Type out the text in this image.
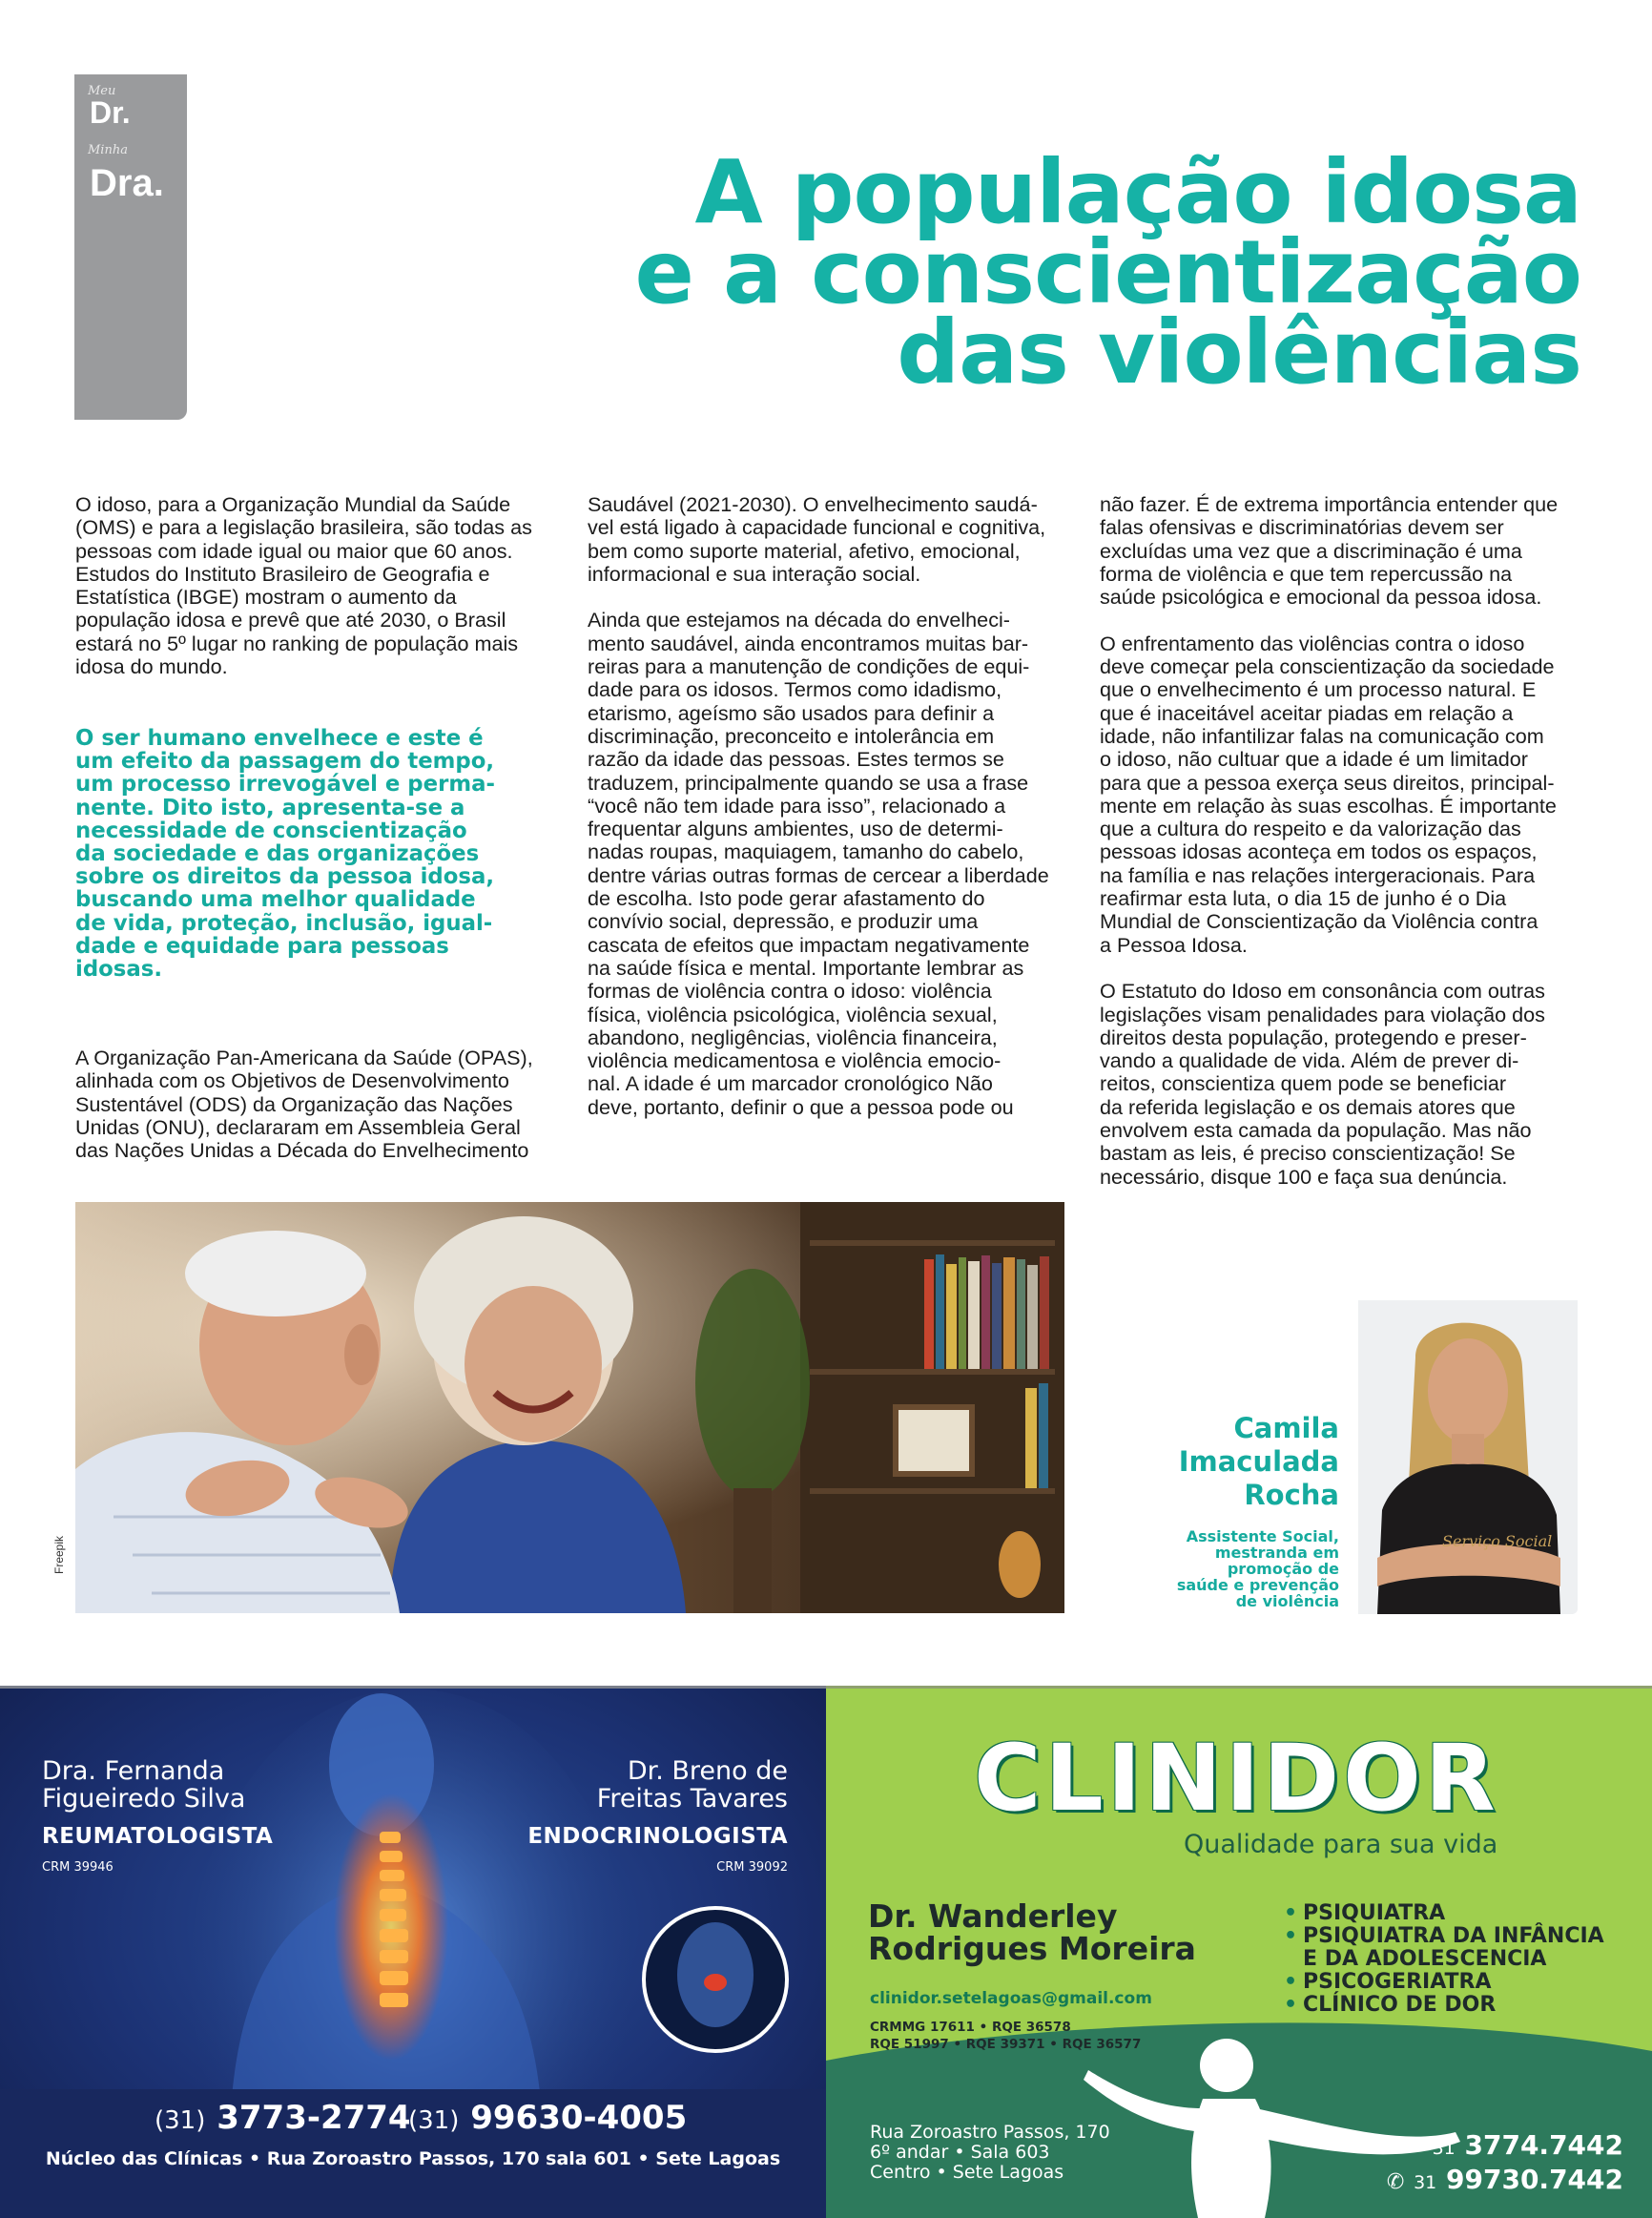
Meu
Dr.
Minha
Dra.	A população idosa
e a conscientização
das violências

O idoso, para a Organização Mundial da Saúde

(OMS) e para a legislação brasileira, são todas as

pessoas com idade igual ou maior que 60 anos.

Estudos do Instituto Brasileiro de Geografia e

Estatística (IBGE) mostram o aumento da

população idosa e prevê que até 2030, o Brasil

estará no 5º lugar no ranking de população mais

idosa do mundo.

O ser humano envelhece e este é
um efeito da passagem do tempo,
um processo irrevogável e perma-
nente. Dito isto, apresenta-se a
necessidade de conscientização
da sociedade e das organizações
sobre os direitos da pessoa idosa,
buscando uma melhor qualidade
de vida, proteção, inclusão, igual-
dade e equidade para pessoas
idosas.

A Organização Pan-Americana da Saúde (OPAS),

alinhada com os Objetivos de Desenvolvimento

Sustentável (ODS) da Organização das Nações

Unidas (ONU), declararam em Assembleia Geral

das Nações Unidas a Década do Envelhecimento

Saudável (2021-2030). O envelhecimento saudá-

vel está ligado à capacidade funcional e cognitiva,

bem como suporte material, afetivo, emocional,

informacional e sua interação social.

Ainda que estejamos na década do envelheci-

mento saudável, ainda encontramos muitas bar-

reiras para a manutenção de condições de equi-

dade para os idosos. Termos como idadismo,

etarismo, ageísmo são usados para definir a

discriminação, preconceito e intolerância em

razão da idade das pessoas. Estes termos se

traduzem, principalmente quando se usa a frase

“você não tem idade para isso”, relacionado a

frequentar alguns ambientes, uso de determi-

nadas roupas, maquiagem, tamanho do cabelo,

dentre várias outras formas de cercear a liberdade

de escolha. Isto pode gerar afastamento do

convívio social, depressão, e produzir uma

cascata de efeitos que impactam negativamente

na saúde física e mental. Importante lembrar as

formas de violência contra o idoso: violência

física, violência psicológica, violência sexual,

abandono, negligências, violência financeira,

violência medicamentosa e violência emocio-

nal. A idade é um marcador cronológico Não

deve, portanto, definir o que a pessoa pode ou

não fazer. É de extrema importância entender que

falas ofensivas e discriminatórias devem ser

excluídas uma vez que a discriminação é uma

forma de violência e que tem repercussão na

saúde psicológica e emocional da pessoa idosa.

O enfrentamento das violências contra o idoso

deve começar pela conscientização da sociedade

que o envelhecimento é um processo natural. E

que é inaceitável aceitar piadas em relação a

idade, não infantilizar falas na comunicação com

o idoso, não cultuar que a idade é um limitador

para que a pessoa exerça seus direitos, principal-

mente em relação às suas escolhas. É importante

que a cultura do respeito e da valorização das

pessoas idosas aconteça em todos os espaços,

na família e nas relações intergeracionais. Para

reafirmar esta luta, o dia 15 de junho é o Dia

Mundial de Conscientização da Violência contra

a Pessoa Idosa.

O Estatuto do Idoso em consonância com outras

legislações visam penalidades para violação dos

direitos desta população, protegendo e preser-

vando a qualidade de vida. Além de prever di-

reitos, conscientiza quem pode se beneficiar

da referida legislação e os demais atores que

envolvem esta camada da população. Mas não

bastam as leis, é preciso conscientização! Se

necessário, disque 100 e faça sua denúncia.

Freepik
Camila
Imaculada
Rocha
Assistente Social,
mestranda em
promoção de
saúde e prevenção
de violência
Serviço Social
Dra. Fernanda
Figueiredo Silva
REUMATOLOGISTA
CRM 39946
Dr. Breno de
Freitas Tavares
ENDOCRINOLOGISTA
CRM 39092
(31) 3773-2774
(31) 99630-4005
Núcleo das Clínicas • Rua Zoroastro Passos, 170 sala 601 • Sete Lagoas
CLINIDOR
Qualidade para sua vida
Dr. Wanderley
Rodrigues Moreira
clinidor.setelagoas@gmail.com
CRMMG 17611 • RQE 36578
RQE 51997 • RQE 39371 • RQE 36577
• PSIQUIATRA
• PSIQUIATRA DA INFÂNCIA
E DA ADOLESCENCIA
• PSICOGERIATRA
• CLÍNICO DE DOR
Rua Zoroastro Passos, 170
6º andar • Sala 603
Centro • Sete Lagoas
31 3774.7442
✆ 31 99730.7442
